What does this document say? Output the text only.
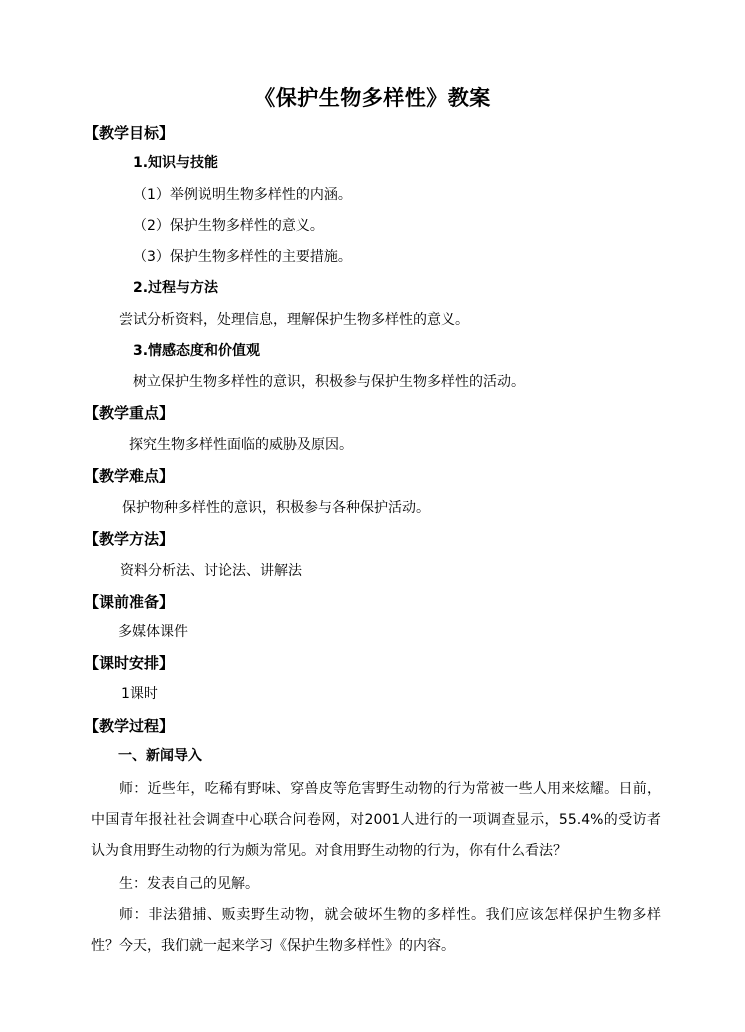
《保护生物多样性》教案
【教学目标】
1.知识与技能
（1）举例说明生物多样性的内涵。
（2）保护生物多样性的意义。
（3）保护生物多样性的主要措施。
2.过程与方法
尝试分析资料，处理信息，理解保护生物多样性的意义。
3.情感态度和价值观
树立保护生物多样性的意识，积极参与保护生物多样性的活动。
【教学重点】
探究生物多样性面临的威胁及原因。
【教学难点】
保护物种多样性的意识，积极参与各种保护活动。
【教学方法】
资料分析法、讨论法、讲解法
【课前准备】
多媒体课件
【课时安排】
1课时
【教学过程】
一、新闻导入
师：近些年，吃稀有野味、穿兽皮等危害野生动物的行为常被一些人用来炫耀。日前，中国青年报社社会调查中心联合问卷网，对2001人进行的一项调查显示，55.4%的受访者认为食用野生动物的行为颇为常见。对食用野生动物的行为，你有什么看法？
生：发表自己的见解。
师：非法猎捕、贩卖野生动物，就会破坏生物的多样性。我们应该怎样保护生物多样性？今天，我们就一起来学习《保护生物多样性》的内容。
